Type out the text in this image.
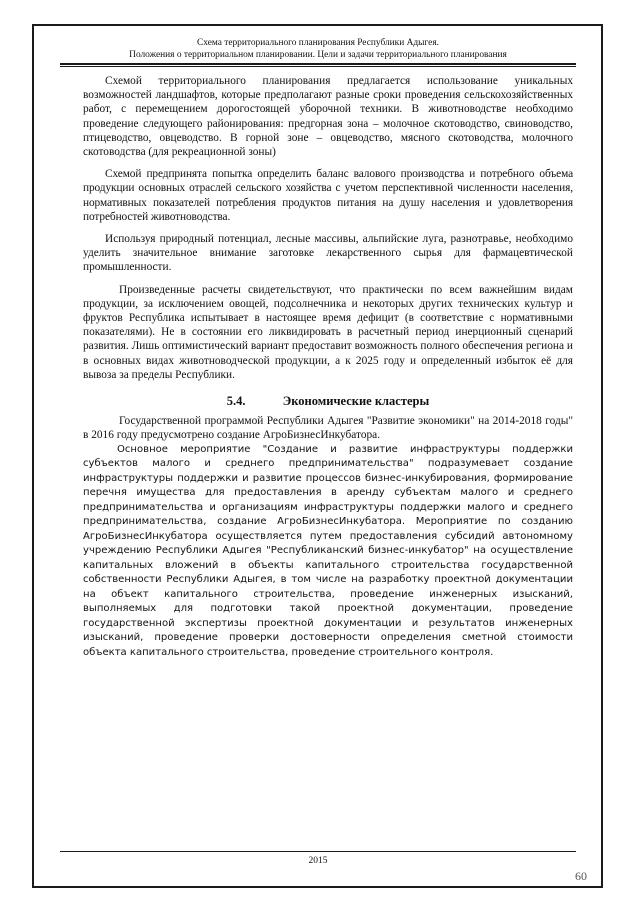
Схема территориального планирования Республики Адыгея.
Положения о территориальном планировании. Цели и задачи территориального планирования

Схемой территориального планирования предлагается использование уникальных возможностей ландшафтов, которые предполагают разные сроки проведения сельскохозяйственных работ, с перемещением дорогостоящей уборочной техники. В животноводстве необходимо проведение следующего районирования: предгорная зона – молочное скотоводство, свиноводство, птицеводство, овцеводство. В горной зоне – овцеводство, мясного скотоводства, молочного скотоводства (для рекреационной зоны)

Схемой предпринята попытка определить баланс валового производства и потребного объема продукции основных отраслей сельского хозяйства с учетом перспективной численности населения, нормативных показателей потребления продуктов питания на душу населения и удовлетворения потребностей животноводства.

Используя природный потенциал, лесные массивы, альпийские луга, разнотравье, необходимо уделить значительное внимание заготовке лекарственного сырья для фармацевтической промышленности.

Произведенные расчеты свидетельствуют, что практически по всем важнейшим видам продукции, за исключением овощей, подсолнечника и некоторых других технических культур и фруктов Республика испытывает в настоящее время дефицит (в соответствие с нормативными показателями). Не в состоянии его ликвидировать в расчетный период инерционный сценарий развития. Лишь оптимистический вариант предоставит возможность полного обеспечения региона и в основных видах животноводческой продукции, а к 2025 году и определенный избыток её для вывоза за пределы Республики.

5.4.	Экономические кластеры

Государственной программой Республики Адыгея "Развитие экономики" на 2014-2018 годы" в 2016 году предусмотрено создание АгроБизнесИнкубатора.

Основное мероприятие "Создание и развитие инфраструктуры поддержки субъектов малого и среднего предпринимательства" подразумевает создание инфраструктуры поддержки и развитие процессов бизнес-инкубирования, формирование перечня имущества для предоставления в аренду субъектам малого и среднего предпринимательства и организациям инфраструктуры поддержки малого и среднего предпринимательства, создание АгроБизнесИнкубатора. Мероприятие по созданию АгроБизнесИнкубатора осуществляется путем предоставления субсидий автономному учреждению Республики Адыгея "Республиканский бизнес-инкубатор" на осуществление капитальных вложений в объекты капитального строительства государственной собственности Республики Адыгея, в том числе на разработку проектной документации на объект капитального строительства, проведение инженерных изысканий, выполняемых для подготовки такой проектной документации, проведение государственной экспертизы проектной документации и результатов инженерных изысканий, проведение проверки достоверности определения сметной стоимости объекта капитального строительства, проведение строительного контроля.

2015
60
